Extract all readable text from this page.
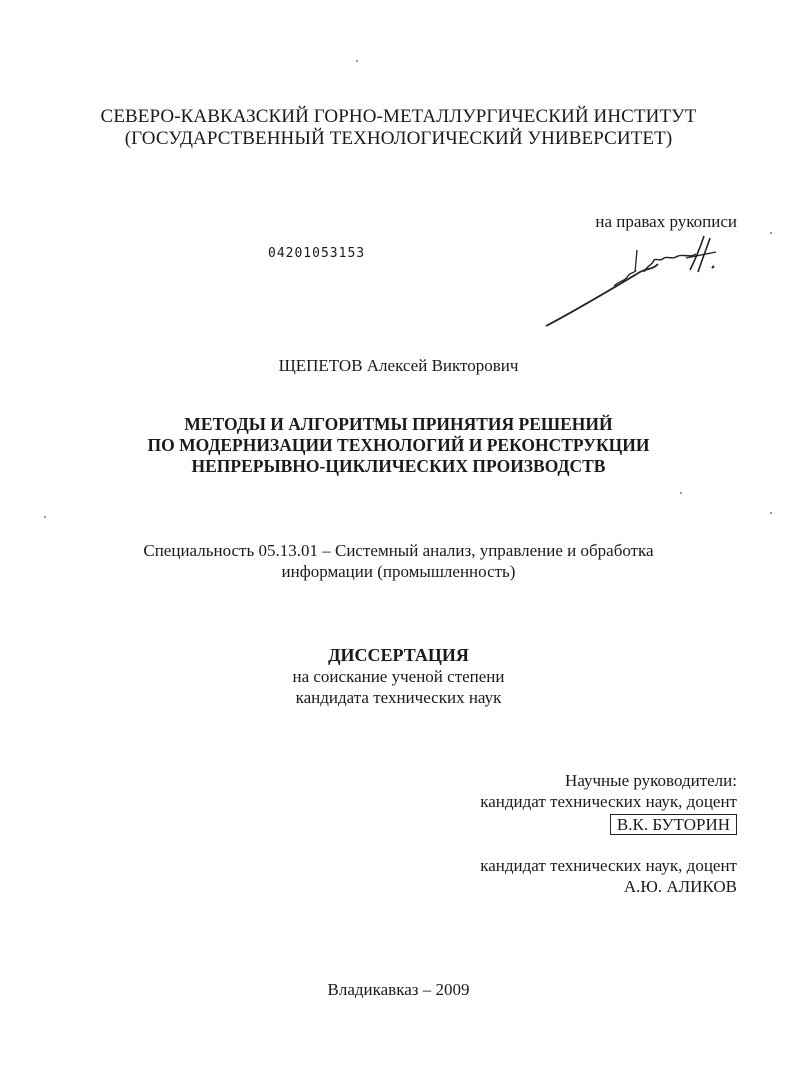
СЕВЕРО-КАВКАЗСКИЙ ГОРНО-МЕТАЛЛУРГИЧЕСКИЙ ИНСТИТУТ
(ГОСУДАРСТВЕННЫЙ ТЕХНОЛОГИЧЕСКИЙ УНИВЕРСИТЕТ)
на правах рукописи
04201053153
ЩЕПЕТОВ Алексей Викторович
МЕТОДЫ И АЛГОРИТМЫ ПРИНЯТИЯ РЕШЕНИЙ
ПО МОДЕРНИЗАЦИИ ТЕХНОЛОГИЙ И РЕКОНСТРУКЦИИ
НЕПРЕРЫВНО-ЦИКЛИЧЕСКИХ ПРОИЗВОДСТВ
Специальность 05.13.01 – Системный анализ, управление и обработка
информации (промышленность)
ДИССЕРТАЦИЯ
на соискание ученой степени
кандидата технических наук
Научные руководители:
кандидат технических наук, доцент
В.К. БУТОРИН
кандидат технических наук, доцент
А.Ю. АЛИКОВ
Владикавказ – 2009
